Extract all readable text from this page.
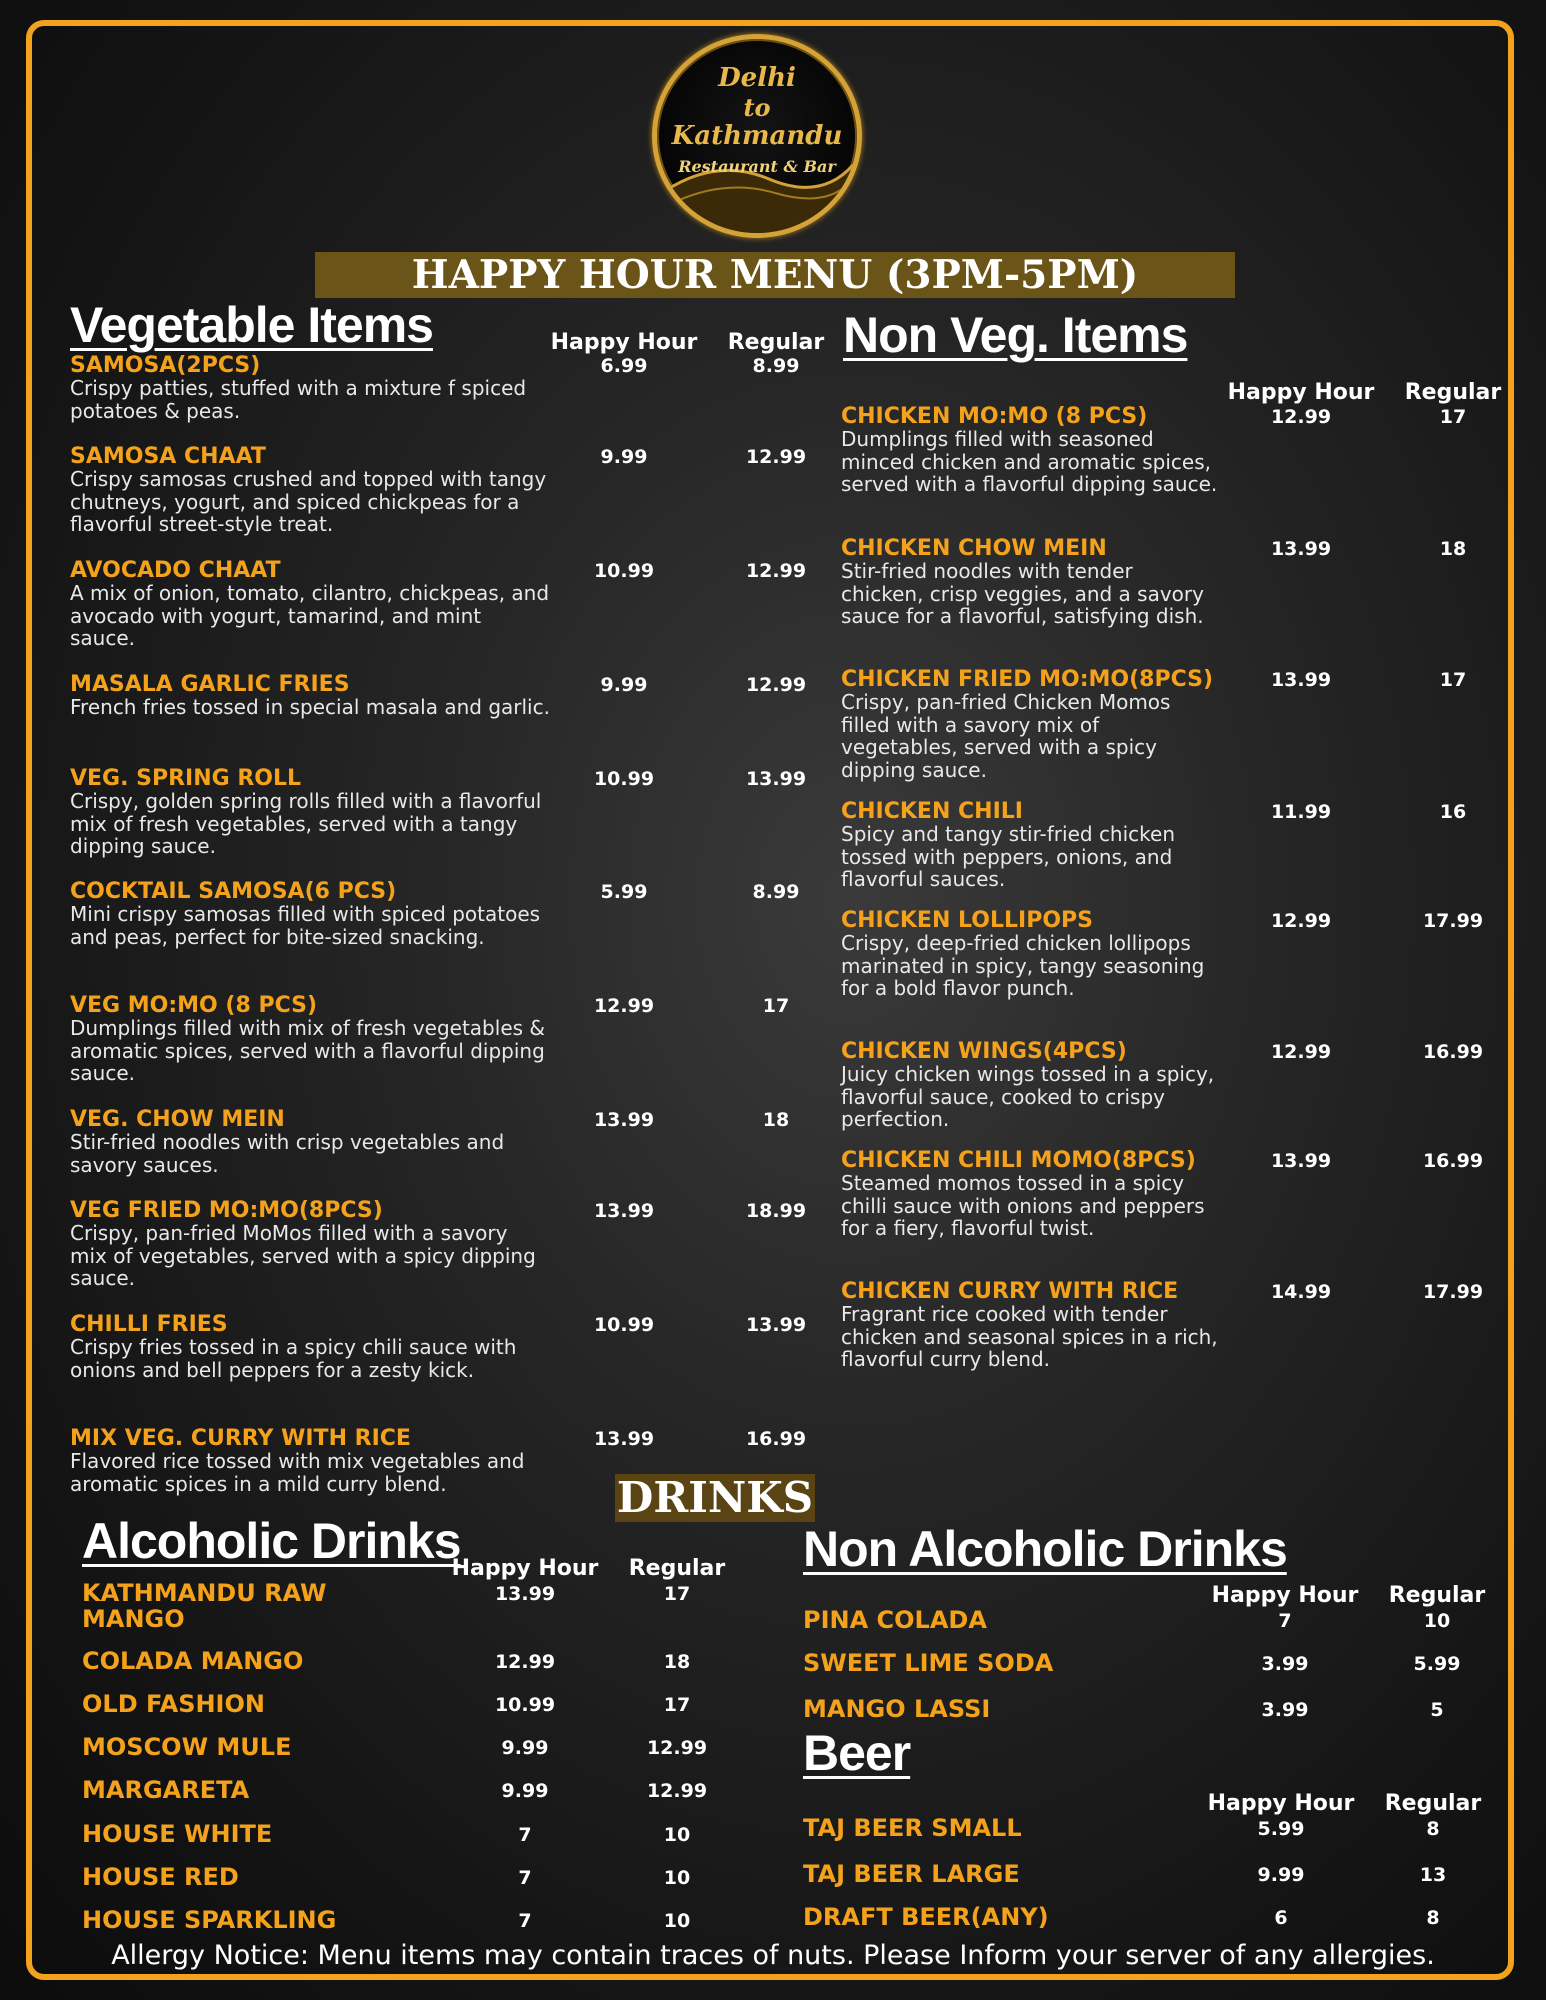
Delhi
to
Kathmandu
Restaurant & Bar
HAPPY HOUR MENU (3PM-5PM)
Vegetable Items	Happy Hour	Regular
SAMOSA(2PCS)
Crispy patties, stuffed with a mixture f spiced potatoes & peas.
6.99	8.99
SAMOSA CHAAT
Crispy samosas crushed and topped with tangy chutneys, yogurt, and spiced chickpeas for a flavorful street-style treat.
9.99	12.99
AVOCADO CHAAT
A mix of onion, tomato, cilantro, chickpeas, and avocado with yogurt, tamarind, and mint sauce.
10.99	12.99
MASALA GARLIC FRIES
French fries tossed in special masala and garlic.
9.99	12.99
VEG. SPRING ROLL
Crispy, golden spring rolls filled with a flavorful mix of fresh vegetables, served with a tangy dipping sauce.
10.99	13.99
COCKTAIL SAMOSA(6 PCS)
Mini crispy samosas filled with spiced potatoes and peas, perfect for bite-sized snacking.
5.99	8.99
VEG MO:MO (8 PCS)
Dumplings filled with mix of fresh vegetables & aromatic spices, served with a flavorful dipping sauce.
12.99	17
VEG. CHOW MEIN
Stir-fried noodles with crisp vegetables and savory sauces.
13.99	18
VEG FRIED MO:MO(8PCS)
Crispy, pan-fried MoMos filled with a savory mix of vegetables, served with a spicy dipping sauce.
13.99	18.99
CHILLI FRIES
Crispy fries tossed in a spicy chili sauce with onions and bell peppers for a zesty kick.
10.99	13.99
MIX VEG. CURRY WITH RICE
Flavored rice tossed with mix vegetables and aromatic spices in a mild curry blend.
13.99	16.99
Non Veg. Items
Happy Hour	Regular
CHICKEN MO:MO (8 PCS)
Dumplings filled with seasoned minced chicken and aromatic spices, served with a flavorful dipping sauce.
12.99	17
CHICKEN CHOW MEIN
Stir-fried noodles with tender chicken, crisp veggies, and a savory sauce for a flavorful, satisfying dish.
13.99	18
CHICKEN FRIED MO:MO(8PCS)
Crispy, pan-fried Chicken Momos filled with a savory mix of vegetables, served with a spicy dipping sauce.
13.99	17
CHICKEN CHILI
Spicy and tangy stir-fried chicken tossed with peppers, onions, and flavorful sauces.
11.99	16
CHICKEN LOLLIPOPS
Crispy, deep-fried chicken lollipops marinated in spicy, tangy seasoning for a bold flavor punch.
12.99	17.99
CHICKEN WINGS(4PCS)
Juicy chicken wings tossed in a spicy, flavorful sauce, cooked to crispy perfection.
12.99	16.99
CHICKEN CHILI MOMO(8PCS)
Steamed momos tossed in a spicy chilli sauce with onions and peppers for a fiery, flavorful twist.
13.99	16.99
CHICKEN CURRY WITH RICE
Fragrant rice cooked with tender chicken and seasonal spices in a rich, flavorful curry blend.
14.99	17.99
DRINKS
Alcoholic Drinks
Happy Hour	Regular
KATHMANDU RAW
MANGO
13.99	17
COLADA MANGO	12.99	18
OLD FASHION	10.99	17
MOSCOW MULE	9.99	12.99
MARGARETA	9.99	12.99
HOUSE WHITE	7	10
HOUSE RED	7	10
HOUSE SPARKLING	7	10
Non Alcoholic Drinks
Happy Hour	Regular
PINA COLADA	7	10
SWEET LIME SODA	3.99	5.99
MANGO LASSI	3.99	5
Beer
Happy Hour	Regular
TAJ BEER SMALL	5.99	8
TAJ BEER LARGE	9.99	13
DRAFT BEER(ANY)	6	8
Allergy Notice: Menu items may contain traces of nuts. Please Inform your server of any allergies.
